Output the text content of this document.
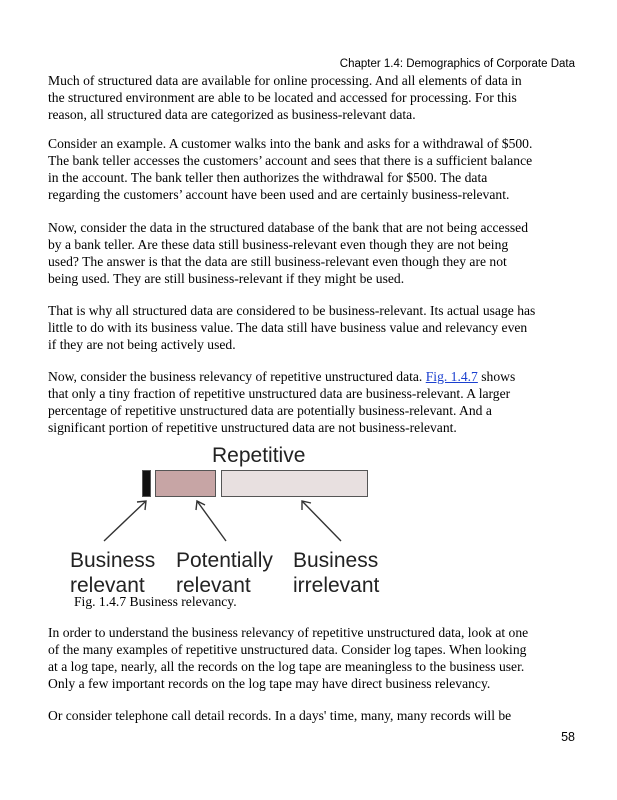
Chapter 1.4: Demographics of Corporate Data
Much of structured data are available for online processing. And all elements of data in
the structured environment are able to be located and accessed for processing. For this
reason, all structured data are categorized as business-relevant data.
Consider an example. A customer walks into the bank and asks for a withdrawal of $500.
The bank teller accesses the customers’ account and sees that there is a sufficient balance
in the account. The bank teller then authorizes the withdrawal for $500. The data
regarding the customers’ account have been used and are certainly business-relevant.
Now, consider the data in the structured database of the bank that are not being accessed
by a bank teller. Are these data still business-relevant even though they are not being
used? The answer is that the data are still business-relevant even though they are not
being used. They are still business-relevant if they might be used.
That is why all structured data are considered to be business-relevant. Its actual usage has
little to do with its business value. The data still have business value and relevancy even
if they are not being actively used.
Now, consider the business relevancy of repetitive unstructured data. Fig. 1.4.7 shows
that only a tiny fraction of repetitive unstructured data are business-relevant. A larger
percentage of repetitive unstructured data are potentially business-relevant. And a
significant portion of repetitive unstructured data are not business-relevant.
Repetitive
Business
relevant
Potentially
relevant
Business
irrelevant
Fig. 1.4.7 Business relevancy.
In order to understand the business relevancy of repetitive unstructured data, look at one
of the many examples of repetitive unstructured data. Consider log tapes. When looking
at a log tape, nearly, all the records on the log tape are meaningless to the business user.
Only a few important records on the log tape may have direct business relevancy.
Or consider telephone call detail records. In a days' time, many, many records will be
58
